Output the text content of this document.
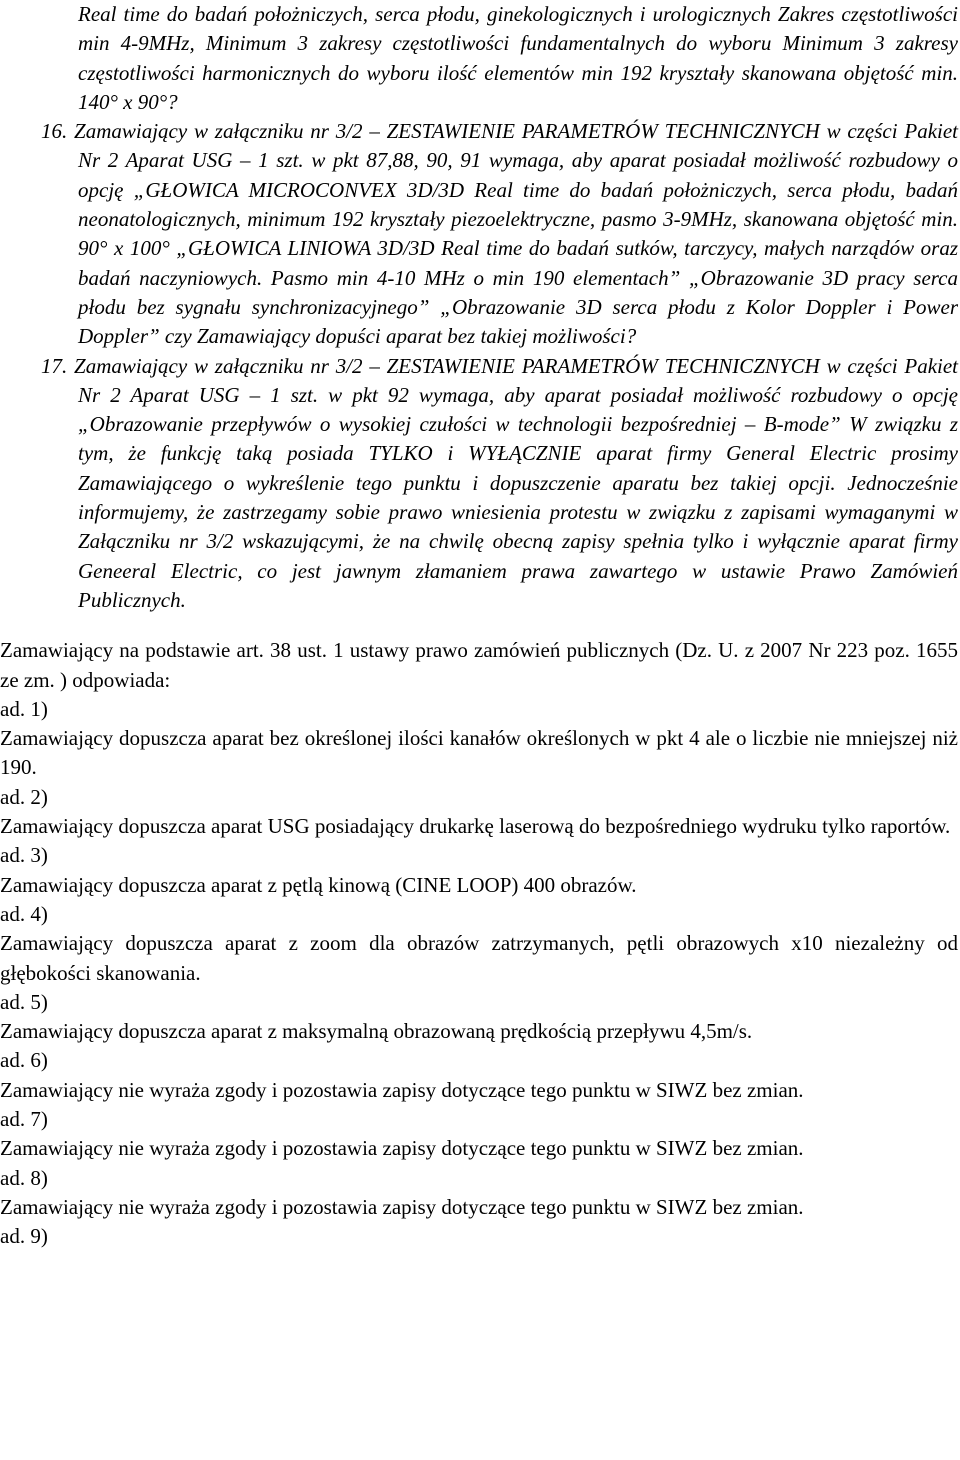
Real time do badań położniczych, serca płodu, ginekologicznych i urologicznych Zakres częstotliwości min 4-9MHz, Minimum 3 zakresy częstotliwości fundamentalnych do wyboru Minimum 3 zakresy częstotliwości harmonicznych do wyboru ilość elementów min 192 kryształy skanowana objętość min. 140° x 90°?

16. Zamawiający w załączniku nr 3/2 – ZESTAWIENIE PARAMETRÓW TECHNICZNYCH w części Pakiet Nr 2 Aparat USG – 1 szt. w pkt 87,88, 90, 91 wymaga, aby aparat posiadał możliwość rozbudowy o opcję „GŁOWICA MICROCONVEX 3D/3D Real time do badań położniczych, serca płodu, badań neonatologicznych, minimum 192 kryształy piezoelektryczne, pasmo 3-9MHz, skanowana objętość min. 90° x 100° „GŁOWICA LINIOWA 3D/3D Real time do badań sutków, tarczycy, małych narządów oraz badań naczyniowych. Pasmo min 4-10 MHz o min 190 elementach” „Obrazowanie 3D pracy serca płodu bez sygnału synchronizacyjnego” „Obrazowanie 3D serca płodu z Kolor Doppler i Power Doppler” czy Zamawiający dopuści aparat bez takiej możliwości?

17. Zamawiający w załączniku nr 3/2 – ZESTAWIENIE PARAMETRÓW TECHNICZNYCH w części Pakiet Nr 2 Aparat USG – 1 szt. w pkt 92 wymaga, aby aparat posiadał możliwość rozbudowy o opcję „Obrazowanie przepływów o wysokiej czułości w technologii bezpośredniej – B-mode” W związku z tym, że funkcję taką posiada TYLKO i WYŁĄCZNIE aparat firmy General Electric prosimy Zamawiającego o wykreślenie tego punktu i dopuszczenie aparatu bez takiej opcji. Jednocześnie informujemy, że zastrzegamy sobie prawo wniesienia protestu w związku z zapisami wymaganymi w Załączniku nr 3/2 wskazującymi, że na chwilę obecną zapisy spełnia tylko i wyłącznie aparat firmy Geneeral Electric, co jest jawnym złamaniem prawa zawartego w ustawie Prawo Zamówień Publicznych.

Zamawiający na podstawie art. 38 ust. 1 ustawy prawo zamówień publicznych (Dz. U. z 2007 Nr 223 poz. 1655 ze zm. ) odpowiada:

ad. 1)

Zamawiający dopuszcza aparat bez określonej ilości kanałów określonych w pkt 4 ale o liczbie nie mniejszej niż 190.

ad. 2)

Zamawiający dopuszcza aparat USG posiadający drukarkę laserową do bezpośredniego wydruku tylko raportów.

ad. 3)

Zamawiający dopuszcza aparat z pętlą kinową (CINE LOOP) 400 obrazów.

ad. 4)

Zamawiający dopuszcza aparat z zoom dla obrazów zatrzymanych, pętli obrazowych x10 niezależny od głębokości skanowania.

ad. 5)

Zamawiający dopuszcza aparat z maksymalną obrazowaną prędkością przepływu 4,5m/s.

ad. 6)

Zamawiający nie wyraża zgody i pozostawia zapisy dotyczące tego punktu w SIWZ bez zmian.

ad. 7)

Zamawiający nie wyraża zgody i pozostawia zapisy dotyczące tego punktu w SIWZ bez zmian.

ad. 8)

Zamawiający nie wyraża zgody i pozostawia zapisy dotyczące tego punktu w SIWZ bez zmian.

ad. 9)
